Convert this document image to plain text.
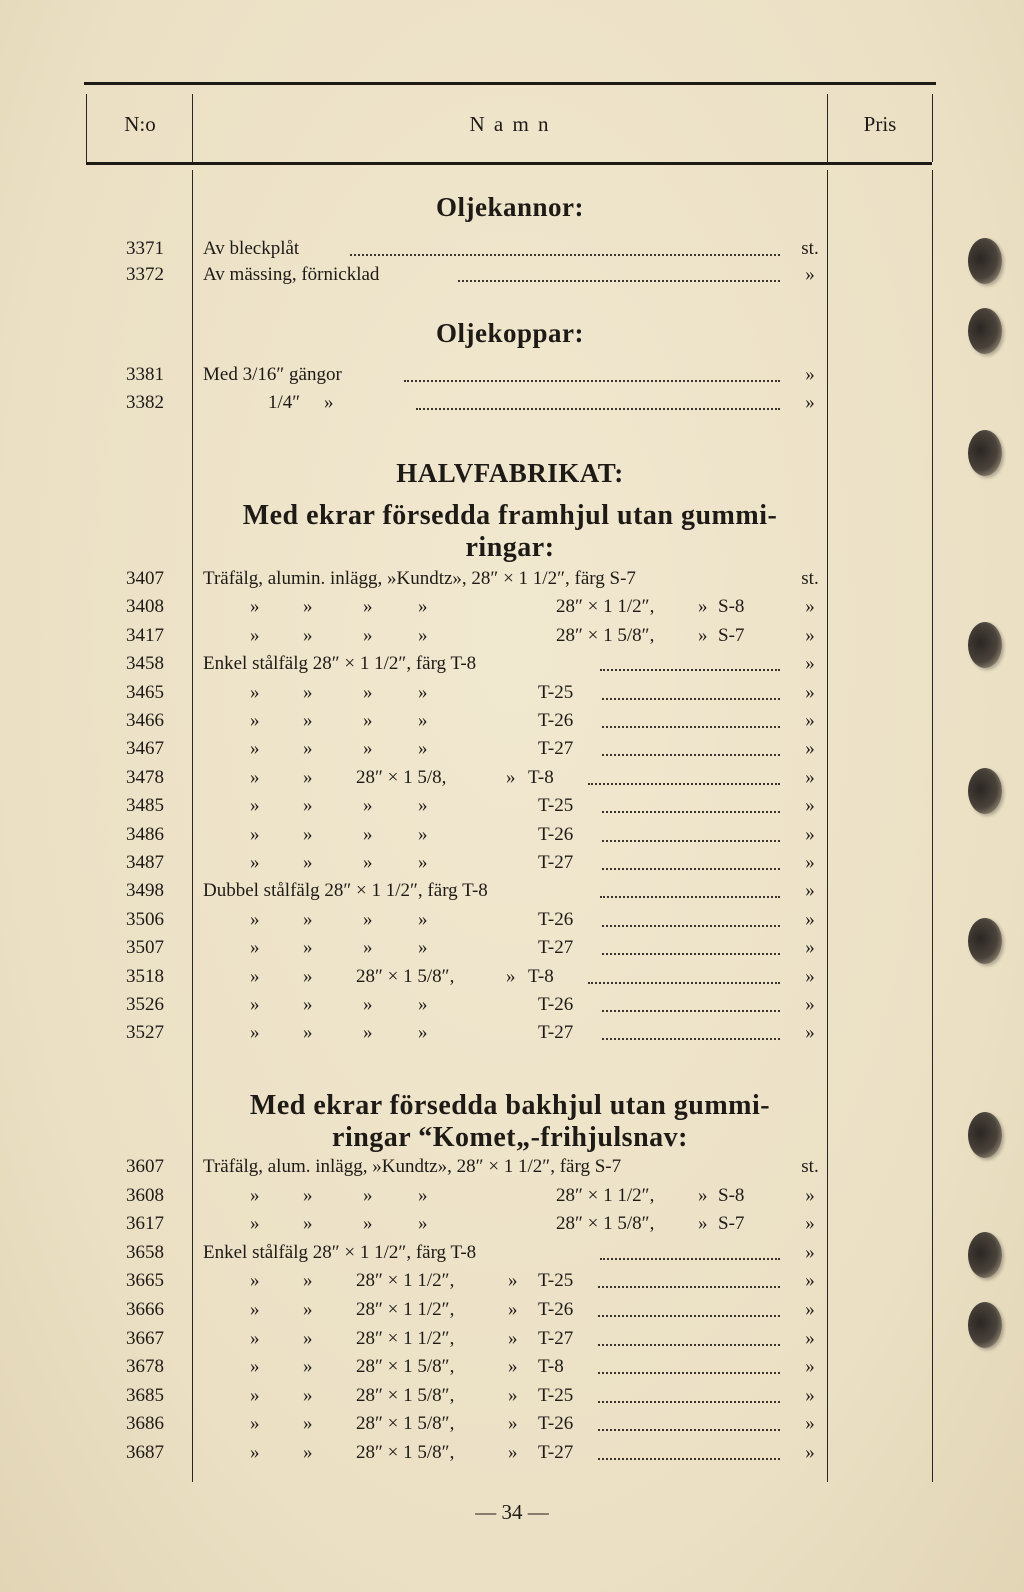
N:o	N a m n	Pris
Oljekannor:
3371	Av bleckplåt	st.
3372	Av mässing, förnicklad	»
Oljekoppar:
3381	Med 3/16″ gängor	»
3382	1/4″ »	»
HALVFABRIKAT:
Med ekrar försedda framhjul utan gummi-
ringar:
3407	Träfälg, alumin. inlägg, »Kundtz», 28″ × 1 1/2″, färg S-7	st.
3408	» »	» »	28″ × 1 1/2″, » S-8	»
3417	» »	» »	28″ × 1 5/8″, » S-7	»
3458	Enkel stålfälg 28″ × 1 1/2″, färg T-8	»
3465	» »	» »	T-25	»
3466	» »	» »	T-26	»
3467	» »	» »	T-27	»
3478	» » 28″ × 1 5/8,	» T-8	»
3485	» »	» »	T-25	»
3486	» »	» »	T-26	»
3487	» »	» »	T-27	»
3498	Dubbel stålfälg 28″ × 1 1/2″, färg T-8	»
3506	» »	» »	T-26	»
3507	» »	» »	T-27	»
3518	» » 28″ × 1 5/8″,	» T-8	»
3526	» »	» »	T-26	»
3527	» »	» »	T-27	»
Med ekrar försedda bakhjul utan gummi-
ringar “Komet„-frihjulsnav:
3607	Träfälg, alum. inlägg, »Kundtz», 28″ × 1 1/2″, färg S-7	st.
3608	» »	» »	28″ × 1 1/2″, » S-8	»
3617	» »	» »	28″ × 1 5/8″, » S-7	»
3658	Enkel stålfälg 28″ × 1 1/2″, färg T-8	»
3665	» » 28″ × 1 1/2″,	» T-25	»
3666	» » 28″ × 1 1/2″,	» T-26	»
3667	» » 28″ × 1 1/2″,	» T-27	»
3678	» » 28″ × 1 5/8″,	» T-8	»
3685	» » 28″ × 1 5/8″,	» T-25	»
3686	» » 28″ × 1 5/8″,	» T-26	»
3687	» » 28″ × 1 5/8″,	» T-27	»
— 34 —
